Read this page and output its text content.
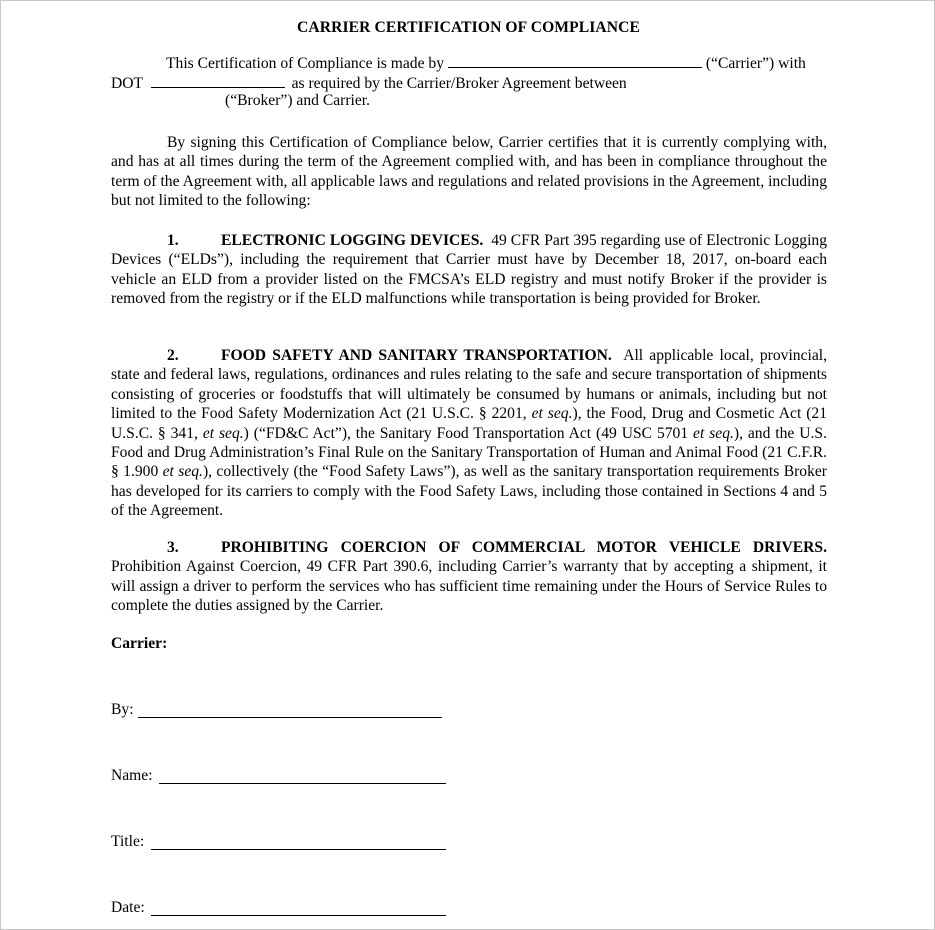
CARRIER CERTIFICATION OF COMPLIANCE
This Certification of Compliance is made by	(“Carrier”) with
DOT	as required by the Carrier/Broker Agreement between
(“Broker”) and Carrier.
By signing this Certification of Compliance below, Carrier certifies that it is currently complying with, and has at all times during the term of the Agreement complied with, and has been in compliance throughout the term of the Agreement with, all applicable laws and regulations and related provisions in the Agreement, including but not limited to the following:
1.	ELECTRONIC LOGGING DEVICES. 49 CFR Part 395 regarding use of Electronic Logging Devices (“ELDs”), including the requirement that Carrier must have by December 18, 2017, on-board each vehicle an ELD from a provider listed on the FMCSA’s ELD registry and must notify Broker if the provider is removed from the registry or if the ELD malfunctions while transportation is being provided for Broker.
2.	FOOD SAFETY AND SANITARY TRANSPORTATION. All applicable local, provincial, state and federal laws, regulations, ordinances and rules relating to the safe and secure transportation of shipments consisting of groceries or foodstuffs that will ultimately be consumed by humans or animals, including but not limited to the Food Safety Modernization Act (21 U.S.C. § 2201, et seq.), the Food, Drug and Cosmetic Act (21 U.S.C. § 341, et seq.) (“FD&C Act”), the Sanitary Food Transportation Act (49 USC 5701 et seq.), and the U.S. Food and Drug Administration’s Final Rule on the Sanitary Transportation of Human and Animal Food (21 C.F.R. § 1.900 et seq.), collectively (the “Food Safety Laws”), as well as the sanitary transportation requirements Broker has developed for its carriers to comply with the Food Safety Laws, including those contained in Sections 4 and 5 of the Agreement.
3.	PROHIBITING COERCION OF COMMERCIAL MOTOR VEHICLE DRIVERS. Prohibition Against Coercion, 49 CFR Part 390.6, including Carrier’s warranty that by accepting a shipment, it will assign a driver to perform the services who has sufficient time remaining under the Hours of Service Rules to complete the duties assigned by the Carrier.
Carrier:
By:
Name:
Title:
Date:
